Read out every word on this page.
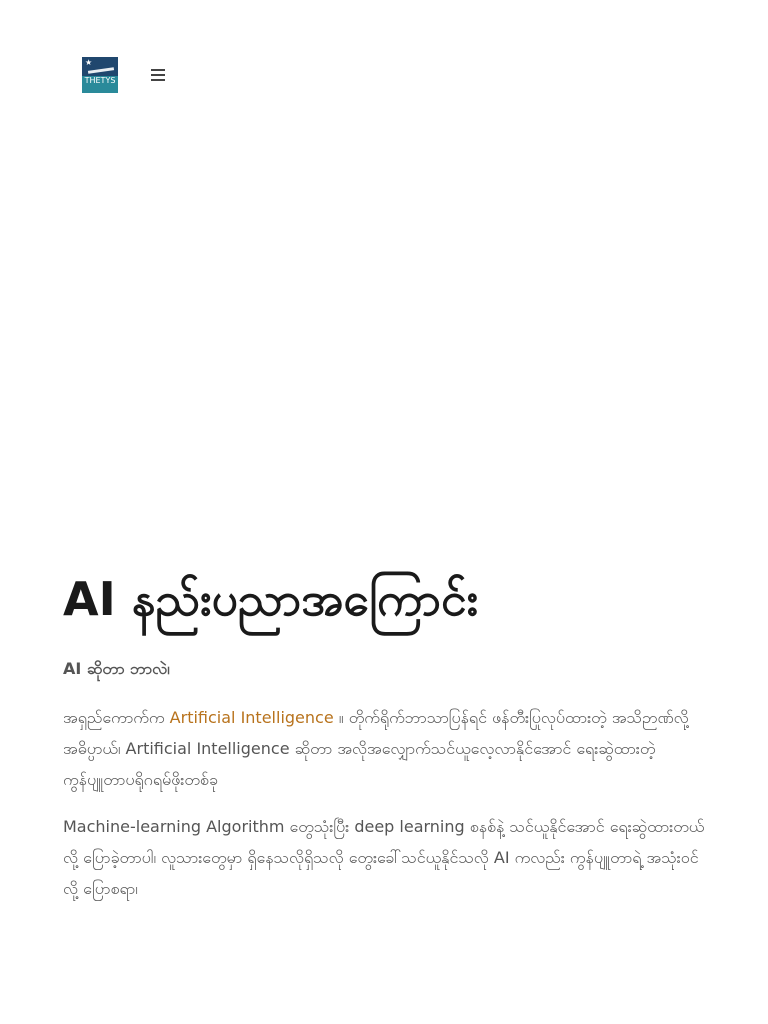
★
THETYS
AI နည်းပညာအကြောင်း

AI ဆိုတာ ဘာလဲ၊

အရှည်ကောက်က Artificial Intelligence ။ တိုက်ရိုက်ဘာသာပြန်ရင် ဖန်တီးပြုလုပ်ထားတဲ့ အသိဉာဏ်လို့ အဓိပ္ပာယ်၊ Artificial Intelligence ဆိုတာ အလိုအလျှောက်သင်ယူလေ့လာနိုင်အောင် ရေးဆွဲထားတဲ့ ကွန်ပျူတာပရိုဂရမ်ဖိုးတစ်ခု

Machine-learning Algorithm တွေသုံးပြီး deep learning စနစ်နဲ့ သင်ယူနိုင်အောင် ရေးဆွဲထားတယ်လို့ ပြောခဲ့တာပါ၊ လူသားတွေမှာ ရှိနေသလိုရှိသလို တွေးခေါ်သင်ယူနိုင်သလို AI ကလည်း ကွန်ပျူတာရဲ့ အသုံးဝင်လို့ ပြောစရာ၊
